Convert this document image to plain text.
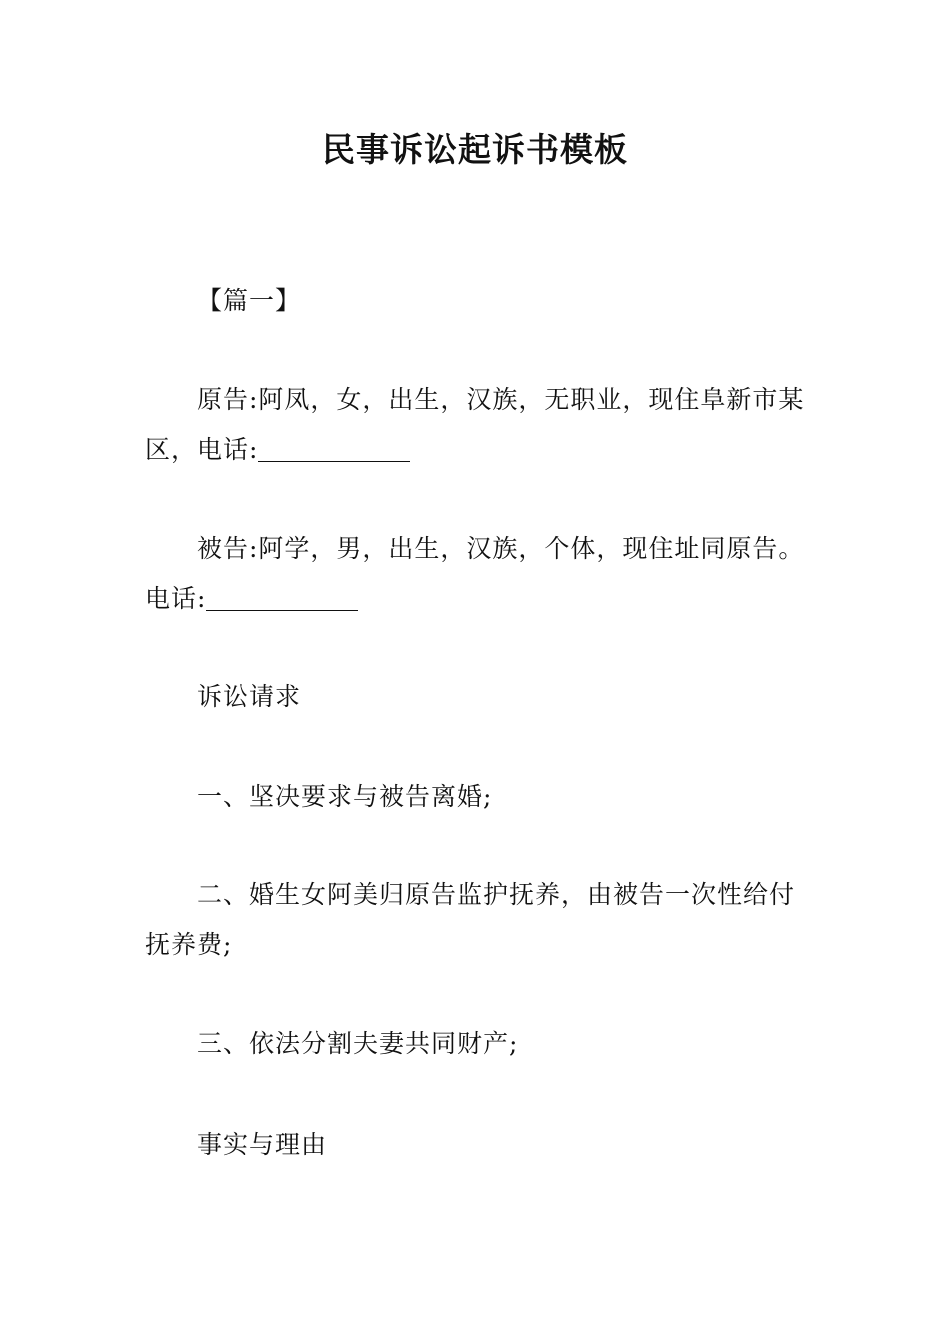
民事诉讼起诉书模板

【篇一】

原告:阿凤，女，出生，汉族，无职业，现住阜新市某区，电话:

被告:阿学，男，出生，汉族，个体，现住址同原告。电话:

诉讼请求

一、坚决要求与被告离婚;

二、婚生女阿美归原告监护抚养，由被告一次性给付抚养费;

三、依法分割夫妻共同财产;

事实与理由
